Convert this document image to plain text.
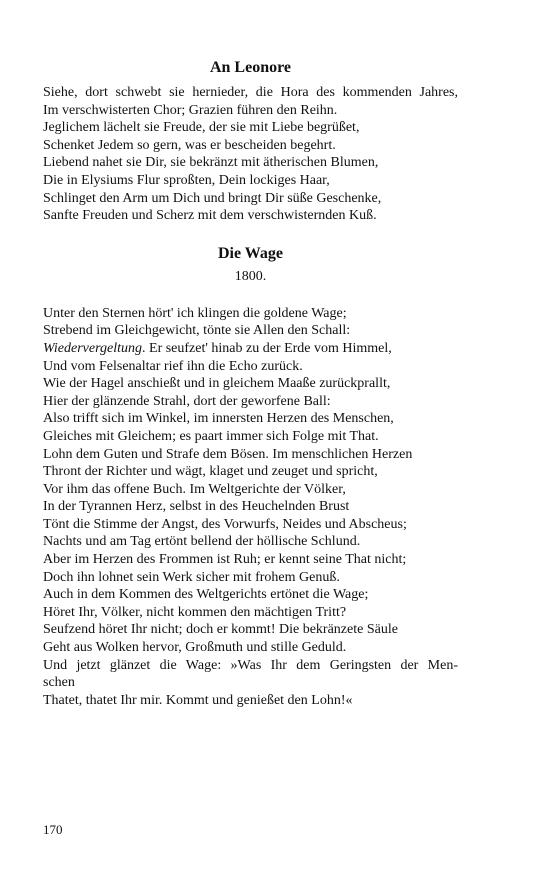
An Leonore
Siehe, dort schwebt sie hernieder, die Hora des kommenden Jahres,
Im verschwisterten Chor; Grazien führen den Reihn.
Jeglichem lächelt sie Freude, der sie mit Liebe begrüßet,
Schenket Jedem so gern, was er bescheiden begehrt.
Liebend nahet sie Dir, sie bekränzt mit ätherischen Blumen,
Die in Elysiums Flur sproßten, Dein lockiges Haar,
Schlinget den Arm um Dich und bringt Dir süße Geschenke,
Sanfte Freuden und Scherz mit dem verschwisternden Kuß.
Die Wage
1800.
Unter den Sternen hört' ich klingen die goldene Wage;
Strebend im Gleichgewicht, tönte sie Allen den Schall:
Wiedervergeltung. Er seufzet' hinab zu der Erde vom Himmel,
Und vom Felsenaltar rief ihn die Echo zurück.
Wie der Hagel anschießt und in gleichem Maaße zurückprallt,
Hier der glänzende Strahl, dort der geworfene Ball:
Also trifft sich im Winkel, im innersten Herzen des Menschen,
Gleiches mit Gleichem; es paart immer sich Folge mit That.
Lohn dem Guten und Strafe dem Bösen. Im menschlichen Herzen
Thront der Richter und wägt, klaget und zeuget und spricht,
Vor ihm das offene Buch. Im Weltgerichte der Völker,
In der Tyrannen Herz, selbst in des Heuchelnden Brust
Tönt die Stimme der Angst, des Vorwurfs, Neides und Abscheus;
Nachts und am Tag ertönt bellend der höllische Schlund.
Aber im Herzen des Frommen ist Ruh; er kennt seine That nicht;
Doch ihn lohnet sein Werk sicher mit frohem Genuß.
Auch in dem Kommen des Weltgerichts ertönet die Wage;
Höret Ihr, Völker, nicht kommen den mächtigen Tritt?
Seufzend höret Ihr nicht; doch er kommt! Die bekränzete Säule
Geht aus Wolken hervor, Großmuth und stille Geduld.
Und jetzt glänzet die Wage: »Was Ihr dem Geringsten der Men-
schen
Thatet, thatet Ihr mir. Kommt und genießet den Lohn!«
170
